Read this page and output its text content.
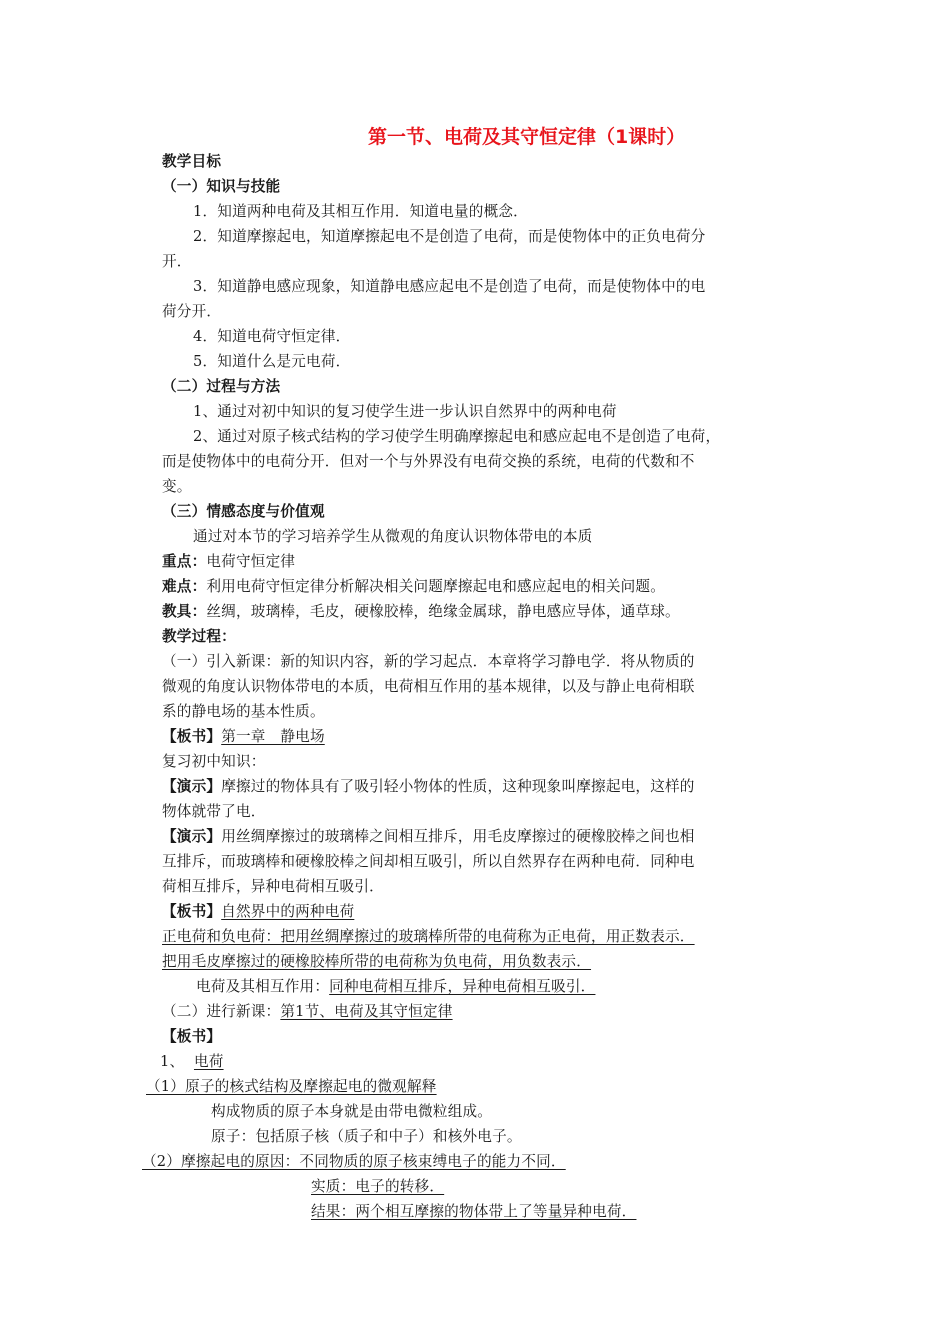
第一节、电荷及其守恒定律（1课时）
教学目标
（一）知识与技能
1．知道两种电荷及其相互作用．知道电量的概念．
2．知道摩擦起电，知道摩擦起电不是创造了电荷，而是使物体中的正负电荷分
开．
3．知道静电感应现象，知道静电感应起电不是创造了电荷，而是使物体中的电
荷分开．
4．知道电荷守恒定律．
5．知道什么是元电荷．
（二）过程与方法
1、通过对初中知识的复习使学生进一步认识自然界中的两种电荷
2、通过对原子核式结构的学习使学生明确摩擦起电和感应起电不是创造了电荷，
而是使物体中的电荷分开．但对一个与外界没有电荷交换的系统，电荷的代数和不
变。
（三）情感态度与价值观
通过对本节的学习培养学生从微观的角度认识物体带电的本质
重点：电荷守恒定律
难点：利用电荷守恒定律分析解决相关问题摩擦起电和感应起电的相关问题。
教具：丝绸，玻璃棒，毛皮，硬橡胶棒，绝缘金属球，静电感应导体，通草球。
教学过程：
（一）引入新课：新的知识内容，新的学习起点．本章将学习静电学．将从物质的
微观的角度认识物体带电的本质，电荷相互作用的基本规律，以及与静止电荷相联
系的静电场的基本性质。
【板书】第一章　静电场
复习初中知识：
【演示】摩擦过的物体具有了吸引轻小物体的性质，这种现象叫摩擦起电，这样的
物体就带了电．
【演示】用丝绸摩擦过的玻璃棒之间相互排斥，用毛皮摩擦过的硬橡胶棒之间也相
互排斥，而玻璃棒和硬橡胶棒之间却相互吸引，所以自然界存在两种电荷．同种电
荷相互排斥，异种电荷相互吸引．
【板书】自然界中的两种电荷
正电荷和负电荷：把用丝绸摩擦过的玻璃棒所带的电荷称为正电荷，用正数表示．
把用毛皮摩擦过的硬橡胶棒所带的电荷称为负电荷，用负数表示．
电荷及其相互作用：同种电荷相互排斥，异种电荷相互吸引．
（二）进行新课：第1节、电荷及其守恒定律
【板书】
1、 电荷
（1）原子的核式结构及摩擦起电的微观解释
构成物质的原子本身就是由带电微粒组成。
原子：包括原子核（质子和中子）和核外电子。
（2）摩擦起电的原因：不同物质的原子核束缚电子的能力不同．
实质：电子的转移．
结果：两个相互摩擦的物体带上了等量异种电荷．
